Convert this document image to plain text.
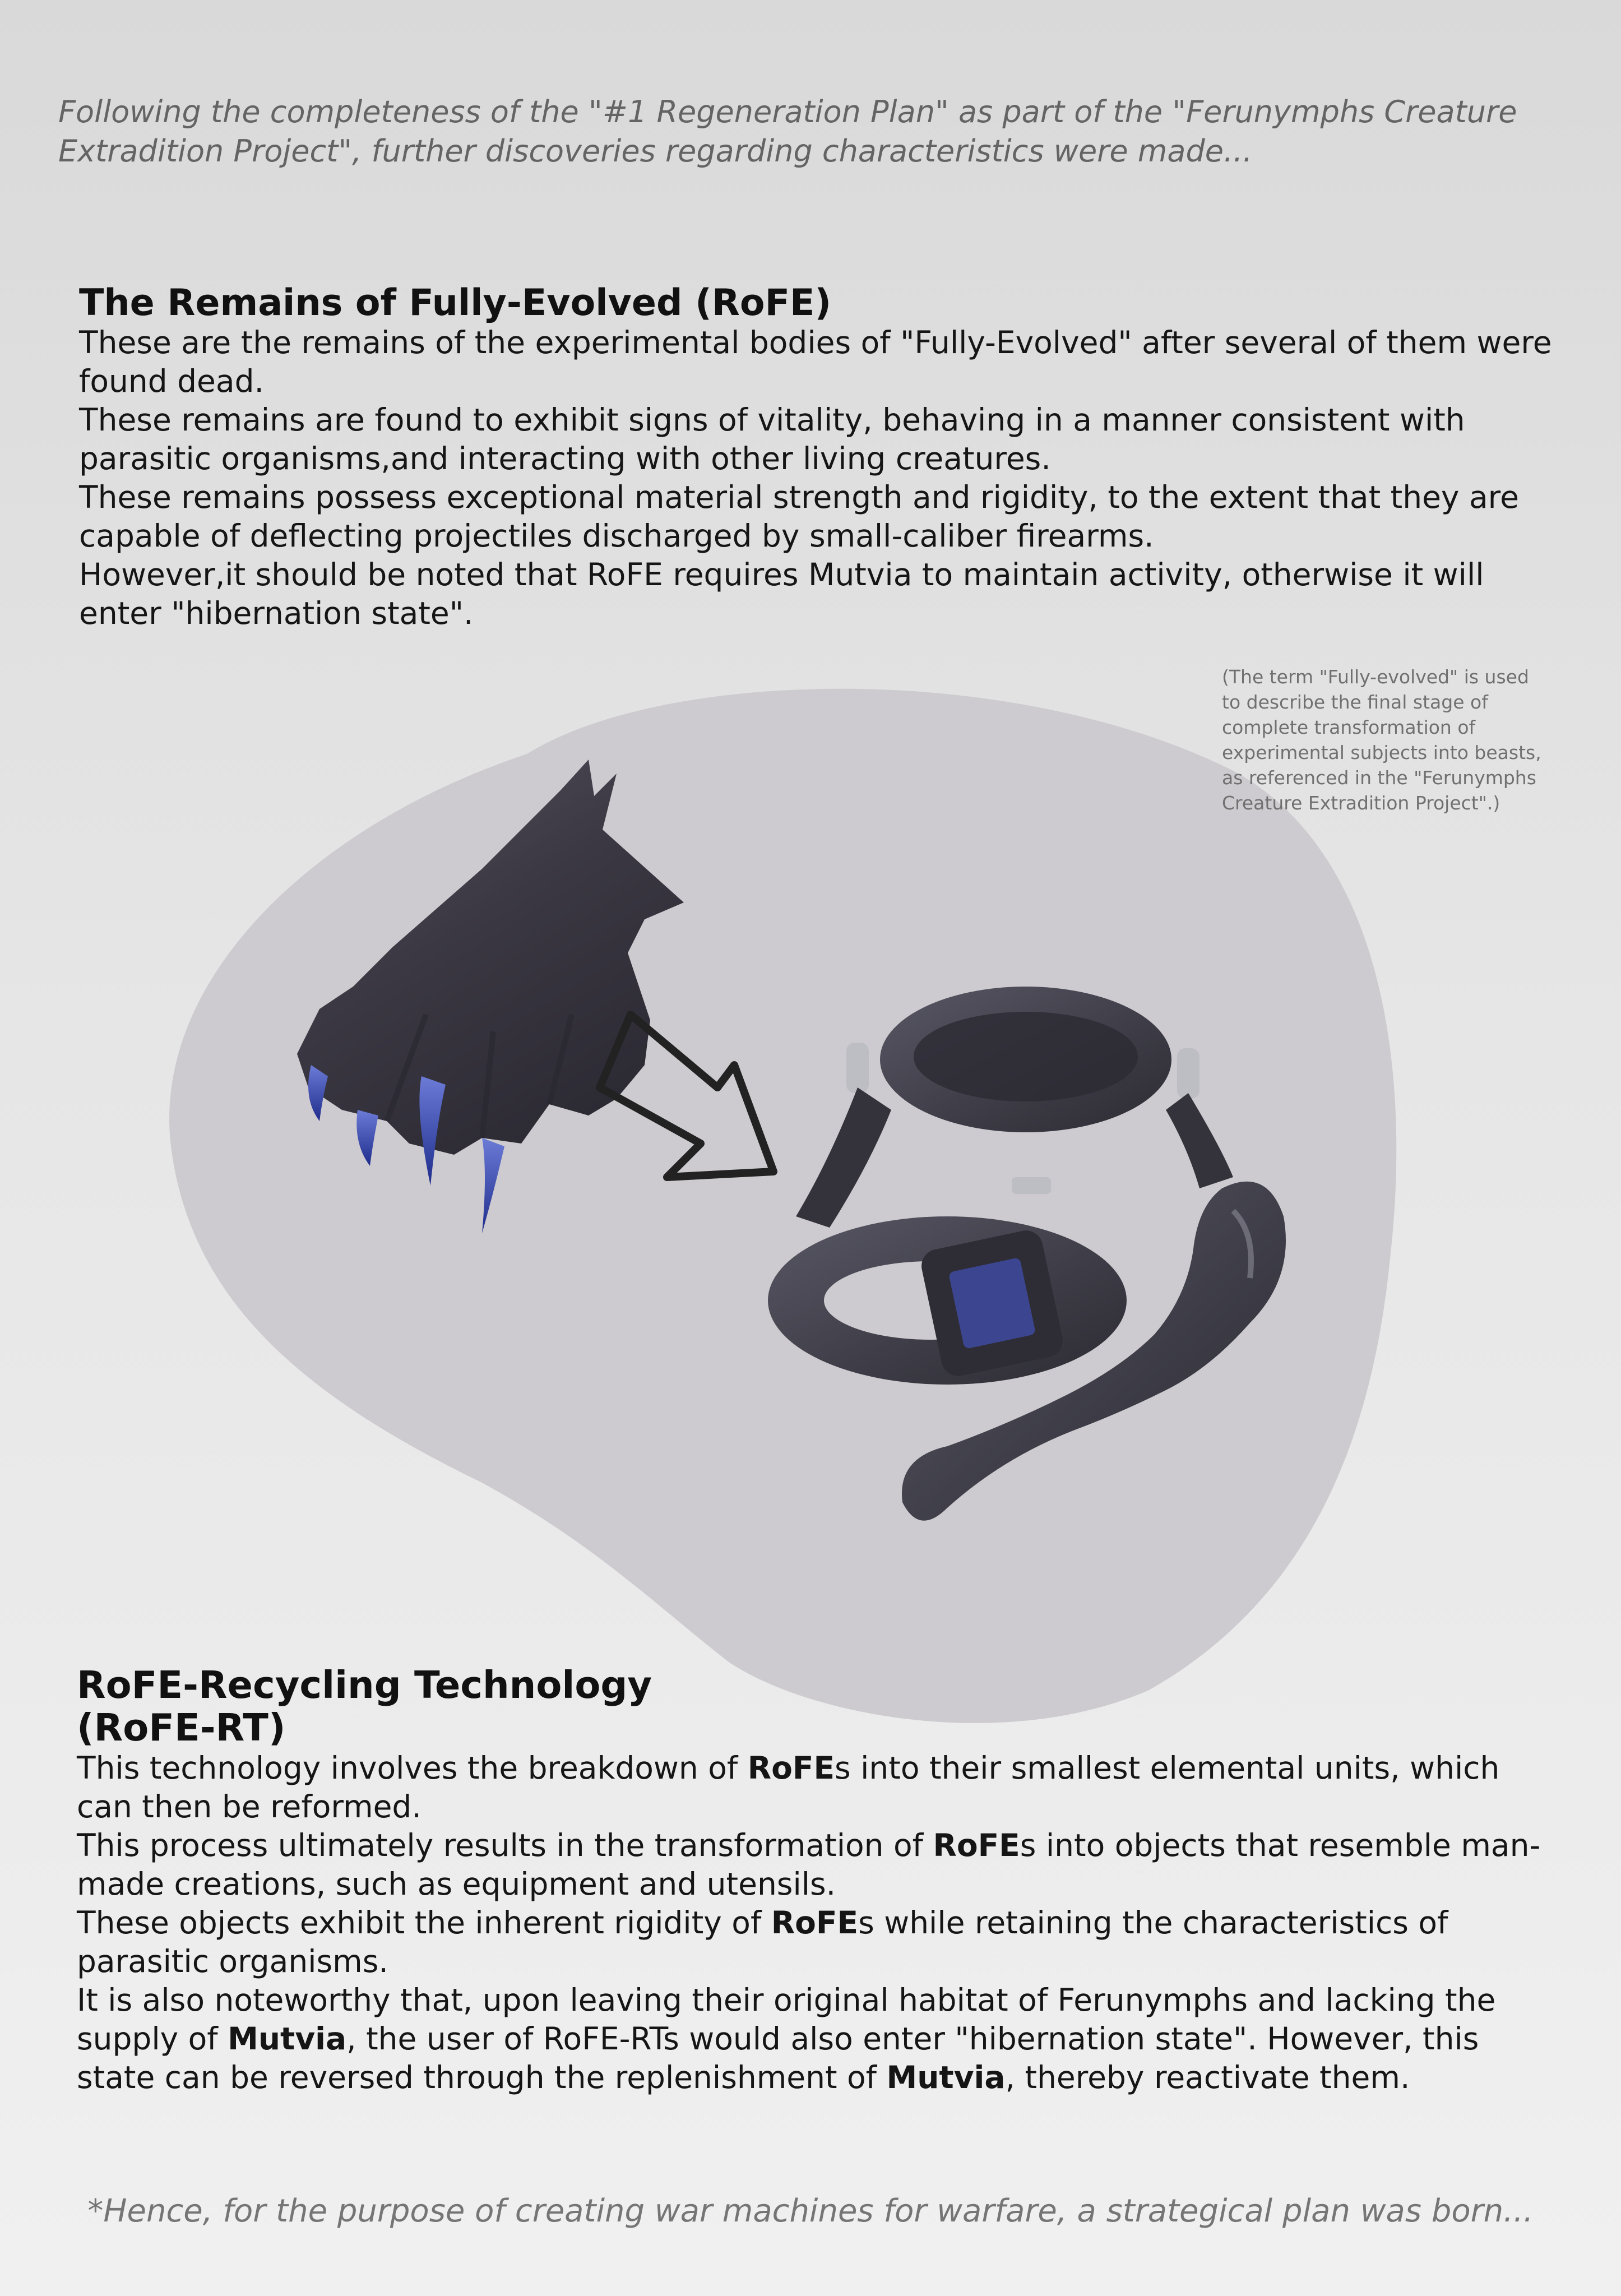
Following the completeness of the "#1 Regeneration Plan" as part of the "Ferunymphs Creature Extradition Project", further discoveries regarding characteristics were made...
The Remains of Fully-Evolved (RoFE)

These are the remains of the experimental bodies of "Fully-Evolved" after several of them were found dead.

These remains are found to exhibit signs of vitality, behaving in a manner consistent with parasitic organisms,and interacting with other living creatures.

These remains possess exceptional material strength and rigidity, to the extent that they are capable of deflecting projectiles discharged by small-caliber firearms.

However,it should be noted that RoFE requires Mutvia to maintain activity, otherwise it will enter "hibernation state".

(The term "Fully-evolved" is used to describe the final stage of complete transformation of experimental subjects into beasts, as referenced in the "Ferunymphs Creature Extradition Project".)
RoFE-Recycling Technology
(RoFE-RT)

This technology involves the breakdown of RoFEs into their smallest elemental units, which can then be reformed.

This process ultimately results in the transformation of RoFEs into objects that resemble man-made creations, such as equipment and utensils.

These objects exhibit the inherent rigidity of RoFEs while retaining the characteristics of parasitic organisms.

It is also noteworthy that, upon leaving their original habitat of Ferunymphs and lacking the supply of Mutvia, the user of RoFE-RTs would also enter "hibernation state". However, this state can be reversed through the replenishment of Mutvia, thereby reactivate them.

*Hence, for the purpose of creating war machines for warfare, a strategical plan was born...
